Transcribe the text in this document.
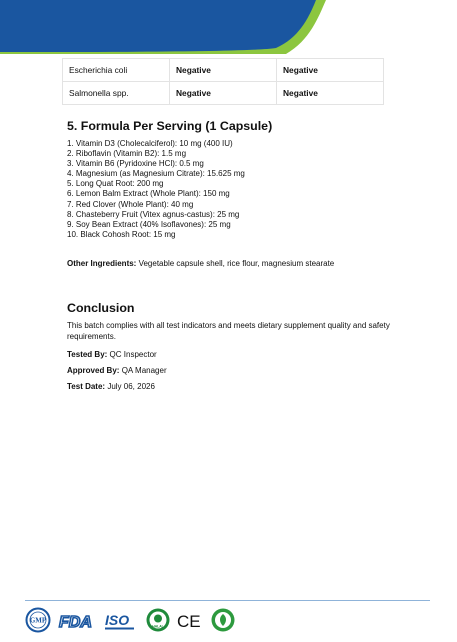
Escherichia coli	Negative	Negative
Salmonella spp.	Negative	Negative
5. Formula Per Serving (1 Capsule)
1. Vitamin D3 (Cholecalciferol): 10 mg (400 IU)
2. Riboflavin (Vitamin B2): 1.5 mg
3. Vitamin B6 (Pyridoxine HCl): 0.5 mg
4. Magnesium (as Magnesium Citrate): 15.625 mg
5. Long Quat Root: 200 mg
6. Lemon Balm Extract (Whole Plant): 150 mg
7. Red Clover (Whole Plant): 40 mg
8. Chasteberry Fruit (Vitex agnus-castus): 25 mg
9. Soy Bean Extract (40% Isoflavones): 25 mg
10. Black Cohosh Root: 15 mg

Other Ingredients: Vegetable capsule shell, rice flour, magnesium stearate

Conclusion

This batch complies with all test indicators and meets dietary supplement quality and safety requirements.

Tested By: QC Inspector

Approved By: QA Manager

Test Date: July 06, 2026

GMP FDA ISO	HALAL CE
